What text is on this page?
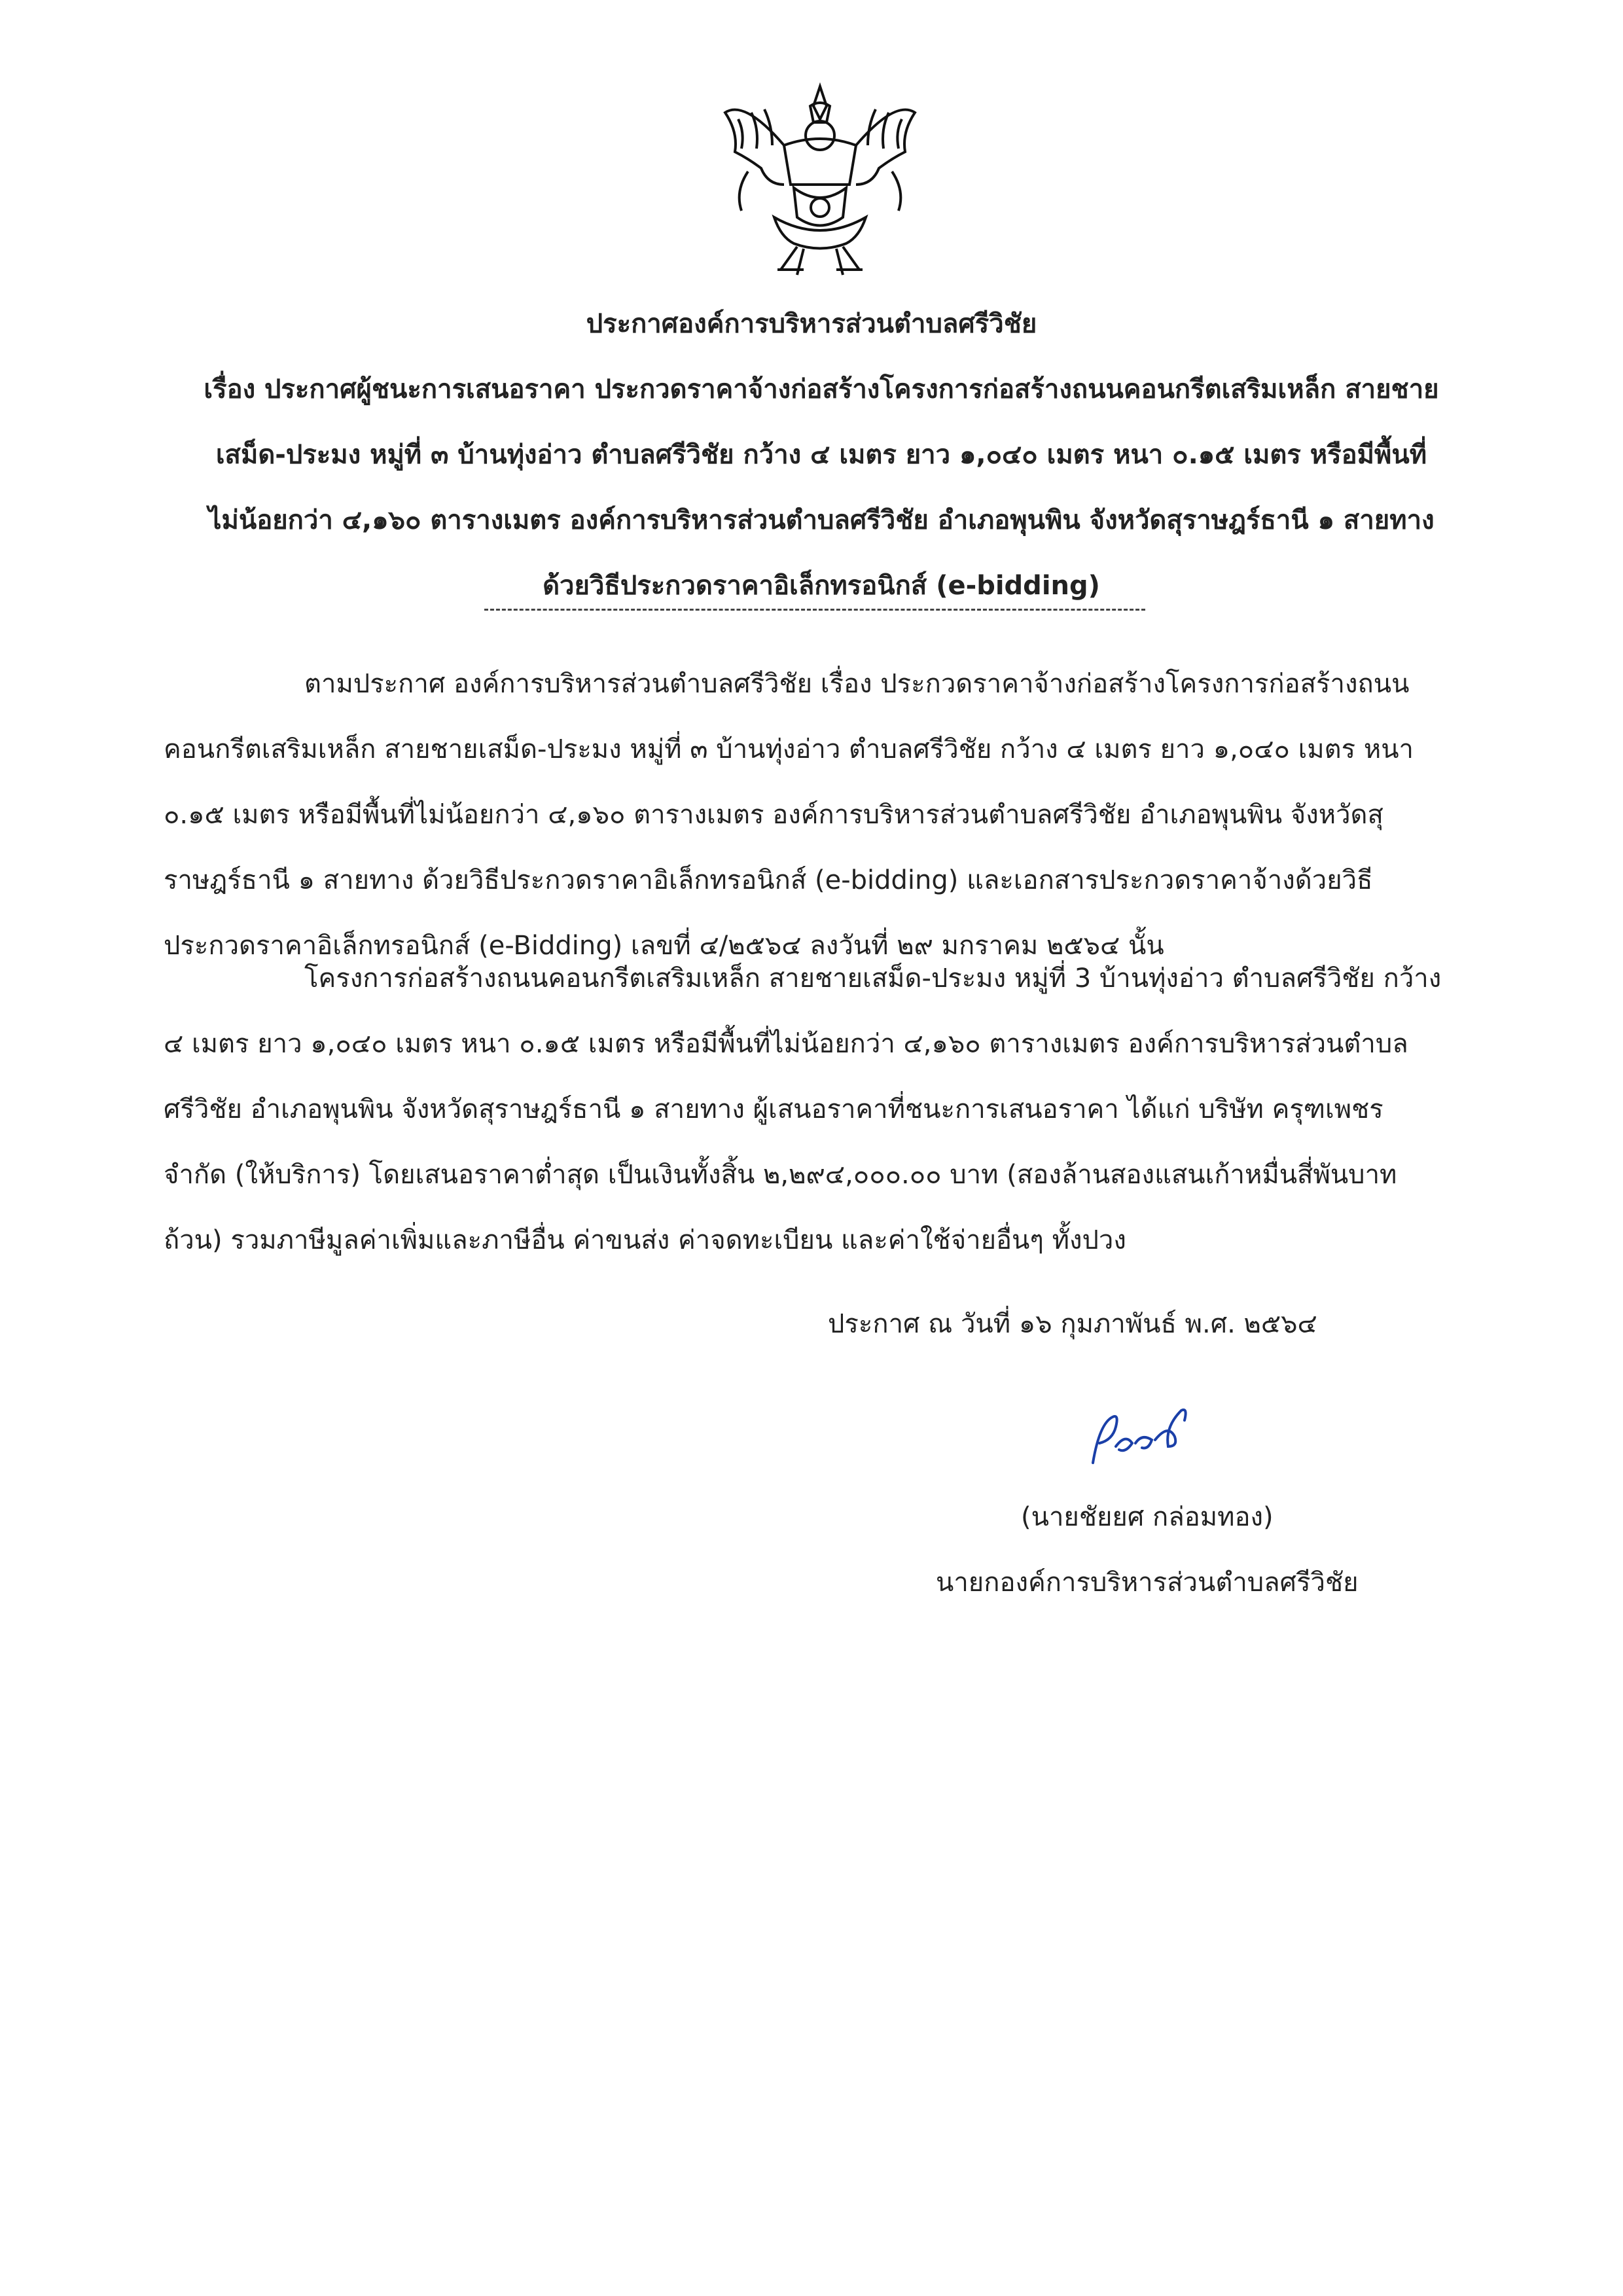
ประกาศองค์การบริหารส่วนตำบลศรีวิชัย
เรื่อง ประกาศผู้ชนะการเสนอราคา ประกวดราคาจ้างก่อสร้างโครงการก่อสร้างถนนคอนกรีตเสริมเหล็ก สายชาย
เสม็ด-ประมง หมู่ที่ ๓ บ้านทุ่งอ่าว ตำบลศรีวิชัย กว้าง ๔ เมตร ยาว ๑,๐๔๐ เมตร หนา ๐.๑๕ เมตร หรือมีพื้นที่
ไม่น้อยกว่า ๔,๑๖๐ ตารางเมตร องค์การบริหารส่วนตำบลศรีวิชัย อำเภอพุนพิน จังหวัดสุราษฎร์ธานี ๑ สายทาง
ด้วยวิธีประกวดราคาอิเล็กทรอนิกส์ (e-bidding)
ตามประกาศ องค์การบริหารส่วนตำบลศรีวิชัย เรื่อง ประกวดราคาจ้างก่อสร้างโครงการก่อสร้างถนน
คอนกรีตเสริมเหล็ก สายชายเสม็ด-ประมง หมู่ที่ ๓ บ้านทุ่งอ่าว ตำบลศรีวิชัย กว้าง ๔ เมตร ยาว ๑,๐๔๐ เมตร หนา
๐.๑๕ เมตร หรือมีพื้นที่ไม่น้อยกว่า ๔,๑๖๐ ตารางเมตร องค์การบริหารส่วนตำบลศรีวิชัย อำเภอพุนพิน จังหวัดสุ
ราษฎร์ธานี ๑ สายทาง ด้วยวิธีประกวดราคาอิเล็กทรอนิกส์ (e-bidding) และเอกสารประกวดราคาจ้างด้วยวิธี
ประกวดราคาอิเล็กทรอนิกส์ (e-Bidding) เลขที่ ๔/๒๕๖๔ ลงวันที่ ๒๙ มกราคม ๒๕๖๔ นั้น
โครงการก่อสร้างถนนคอนกรีตเสริมเหล็ก สายชายเสม็ด-ประมง หมู่ที่ 3 บ้านทุ่งอ่าว ตำบลศรีวิชัย กว้าง
๔ เมตร ยาว ๑,๐๔๐ เมตร หนา ๐.๑๕ เมตร หรือมีพื้นที่ไม่น้อยกว่า ๔,๑๖๐ ตารางเมตร องค์การบริหารส่วนตำบล
ศรีวิชัย อำเภอพุนพิน จังหวัดสุราษฎร์ธานี ๑ สายทาง ผู้เสนอราคาที่ชนะการเสนอราคา ได้แก่ บริษัท ครุฑเพชร
จำกัด (ให้บริการ) โดยเสนอราคาต่ำสุด เป็นเงินทั้งสิ้น ๒,๒๙๔,๐๐๐.๐๐ บาท (สองล้านสองแสนเก้าหมื่นสี่พันบาท
ถ้วน) รวมภาษีมูลค่าเพิ่มและภาษีอื่น ค่าขนส่ง ค่าจดทะเบียน และค่าใช้จ่ายอื่นๆ ทั้งปวง
ประกาศ ณ วันที่ ๑๖ กุมภาพันธ์ พ.ศ. ๒๕๖๔
(นายชัยยศ กล่อมทอง)
นายกองค์การบริหารส่วนตำบลศรีวิชัย
